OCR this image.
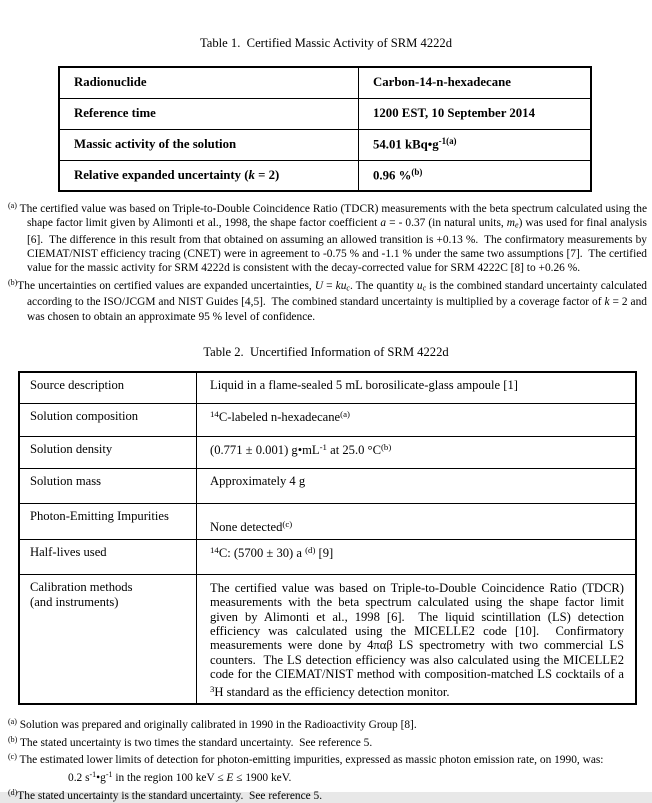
Table 1.  Certified Massic Activity of SRM 4222d
Radionuclide	Carbon-14-n-hexadecane
Reference time	1200 EST, 10 September 2014
Massic activity of the solution	54.01 $kBq•g^{-1(a)}$
Relative expanded uncertainty (k = 2)	0.96 %$^{(b)}$
$^{(a)}$ The certified value was based on Triple-to-Double Coincidence Ratio (TDCR) measurements with the beta spectrum calculated using the shape factor limit given by Alimonti et al., 1998, the shape factor coefficient a = - 0.37 (in natural units, me) was used for final analysis [6].  The difference in this result from that obtained on assuming an allowed transition is +0.13 %.  The confirmatory measurements by CIEMAT/NIST efficiency tracing (CNET) were in agreement to -0.75 % and -1.1 % under the same two assumptions [7].  The certified value for the massic activity for SRM 4222d is consistent with the decay-corrected value for SRM 4222C [8] to +0.26 %.
$^{(b)}$The uncertainties on certified values are expanded uncertainties, U = kuc. The quantity uc is the combined standard uncertainty calculated according to the ISO/JCGM and NIST Guides [4,5].  The combined standard uncertainty is multiplied by a coverage factor of k = 2 and was chosen to obtain an approximate 95 % level of confidence.
Table 2.  Uncertified Information of SRM 4222d
Source description	Liquid in a flame-sealed 5 mL borosilicate-glass ampoule [1]
Solution composition	$^{14}$C-labeled n-hexadecane$^{(a)}$
Solution density	(0.771 ± 0.001) $g•mL^{-1}$ at 25.0 $^\circ C^{(b)}$
Solution mass	Approximately 4 g
Photon-Emitting Impurities	None detected$^{(c)}$
Half-lives used	$^{14}$C: (5700 ± 30) a $^{(d)}$ [9]
Calibration methods
(and instruments)	The certified value was based on Triple-to-Double Coincidence Ratio (TDCR) measurements with the beta spectrum calculated using the shape factor limit given by Alimonti et al., 1998 [6].  The liquid scintillation (LS) detection efficiency was calculated using the MICELLE2 code [10].  Confirmatory measurements were done by 4παβ LS spectrometry with two commercial LS counters.  The LS detection efficiency was also calculated using the MICELLE2 code for the CIEMAT/NIST method with composition-matched LS cocktails of a $^3$H standard as the efficiency detection monitor.
$^{(a)}$ Solution was prepared and originally calibrated in 1990 in the Radioactivity Group [8].
$^{(b)}$ The stated uncertainty is two times the standard uncertainty.  See reference 5.
$^{(c)}$ The estimated lower limits of detection for photon-emitting impurities, expressed as massic photon emission rate, on 1990, was:
0.2 $s^{-1}•g^{-1}$ in the region 100 keV ≤ E ≤ 1900 keV.
$^{(d)}$The stated uncertainty is the standard uncertainty.  See reference 5.
